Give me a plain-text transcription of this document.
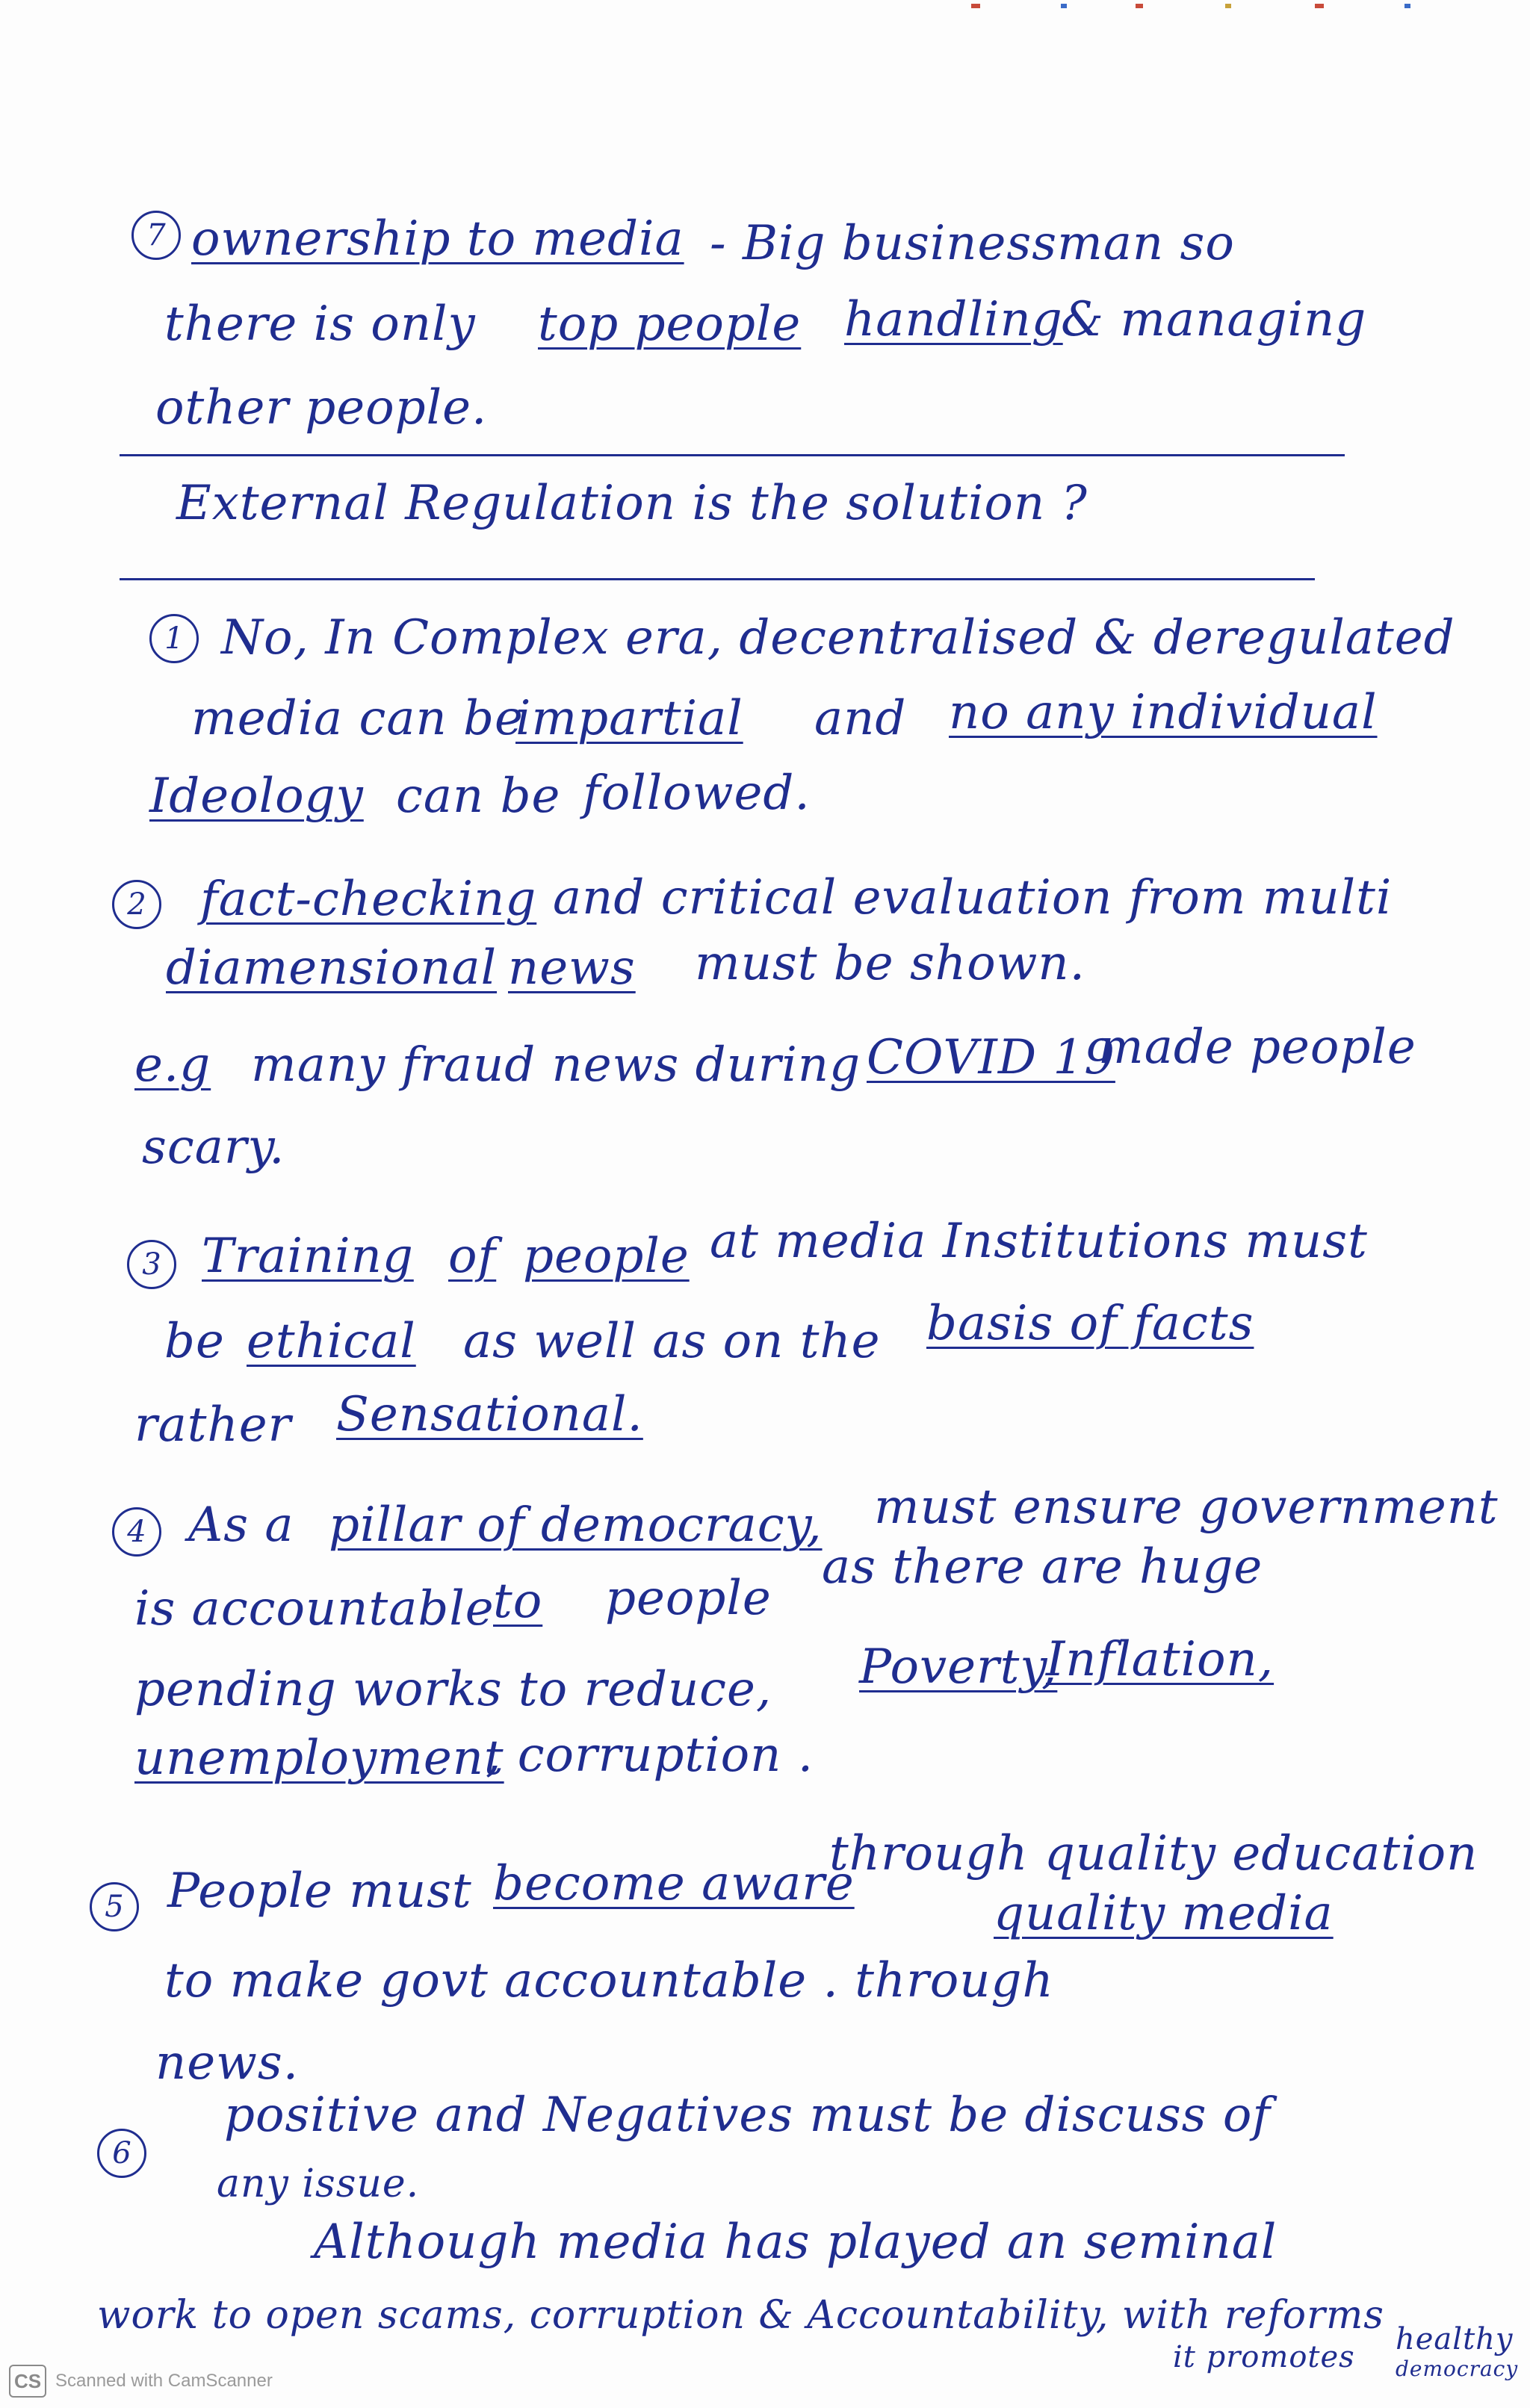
7 ownership to media - Big businessman so
there is only top people handling
& managing
other people.
External Regulation is the solution ?
1 No, In Complex era, decentralised & deregulated
media can be
impartial and no any individual
Ideology can be followed.
2	fact-checking and critical evaluation from multi
diamensional news must be shown.
e.g many fraud news during COVID 19
made people
scary.
3 Training of people at media Institutions must
be ethical as well as on the basis of facts
rather Sensational.
4 As a pillar of democracy, must ensure government
is accountable
to people
as there are huge
pending works to reduce, Poverty,
Inflation,
unemployment
, corruption .
5 People must become aware
through quality education
to make govt accountable . through
quality media
news.
6
positive and Negatives must be discuss of
any issue.
Although media has played an seminal
work to open scams, corruption & Accountability, with reforms
it promotes
healthy
democracy
CS Scanned with CamScanner
